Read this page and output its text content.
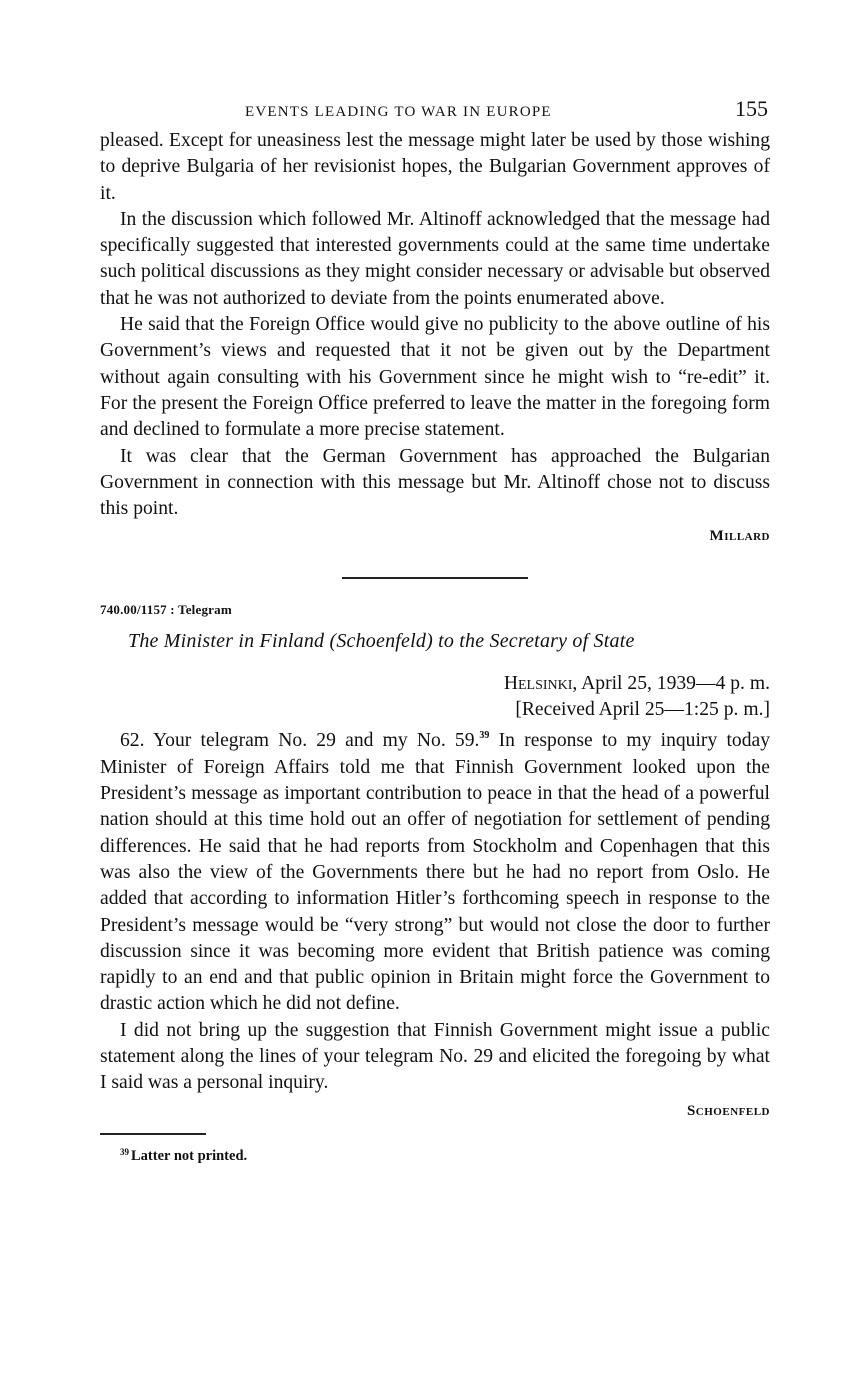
EVENTS LEADING TO WAR IN EUROPE	155

pleased. Except for uneasiness lest the message might later be used by those wishing to deprive Bulgaria of her revisionist hopes, the Bulgarian Government approves of it.

In the discussion which followed Mr. Altinoff acknowledged that the message had specifically suggested that interested governments could at the same time undertake such political discussions as they might consider necessary or advisable but observed that he was not authorized to deviate from the points enumerated above.

He said that the Foreign Office would give no publicity to the above outline of his Government’s views and requested that it not be given out by the Department without again consulting with his Government since he might wish to “re-edit” it. For the present the Foreign Office preferred to leave the matter in the foregoing form and declined to formulate a more precise statement.

It was clear that the German Government has approached the Bulgarian Government in connection with this message but Mr. Altinoff chose not to discuss this point.

Millard
740.00/1157 : Telegram
The Minister in Finland (Schoenfeld) to the Secretary of State
Helsinki, April 25, 1939—4 p. m.
[Received April 25—1:25 p. m.]

62. Your telegram No. 29 and my No. 59.39 In response to my inquiry today Minister of Foreign Affairs told me that Finnish Government looked upon the President’s message as important contribution to peace in that the head of a powerful nation should at this time hold out an offer of negotiation for settlement of pending differences. He said that he had reports from Stockholm and Copenhagen that this was also the view of the Governments there but he had no report from Oslo. He added that according to information Hitler’s forthcoming speech in response to the President’s message would be “very strong” but would not close the door to further discussion since it was becoming more evident that British patience was coming rapidly to an end and that public opinion in Britain might force the Government to drastic action which he did not define.

I did not bring up the suggestion that Finnish Government might issue a public statement along the lines of your telegram No. 29 and elicited the foregoing by what I said was a personal inquiry.

Schoenfeld
$^{39}$ Latter not printed.
